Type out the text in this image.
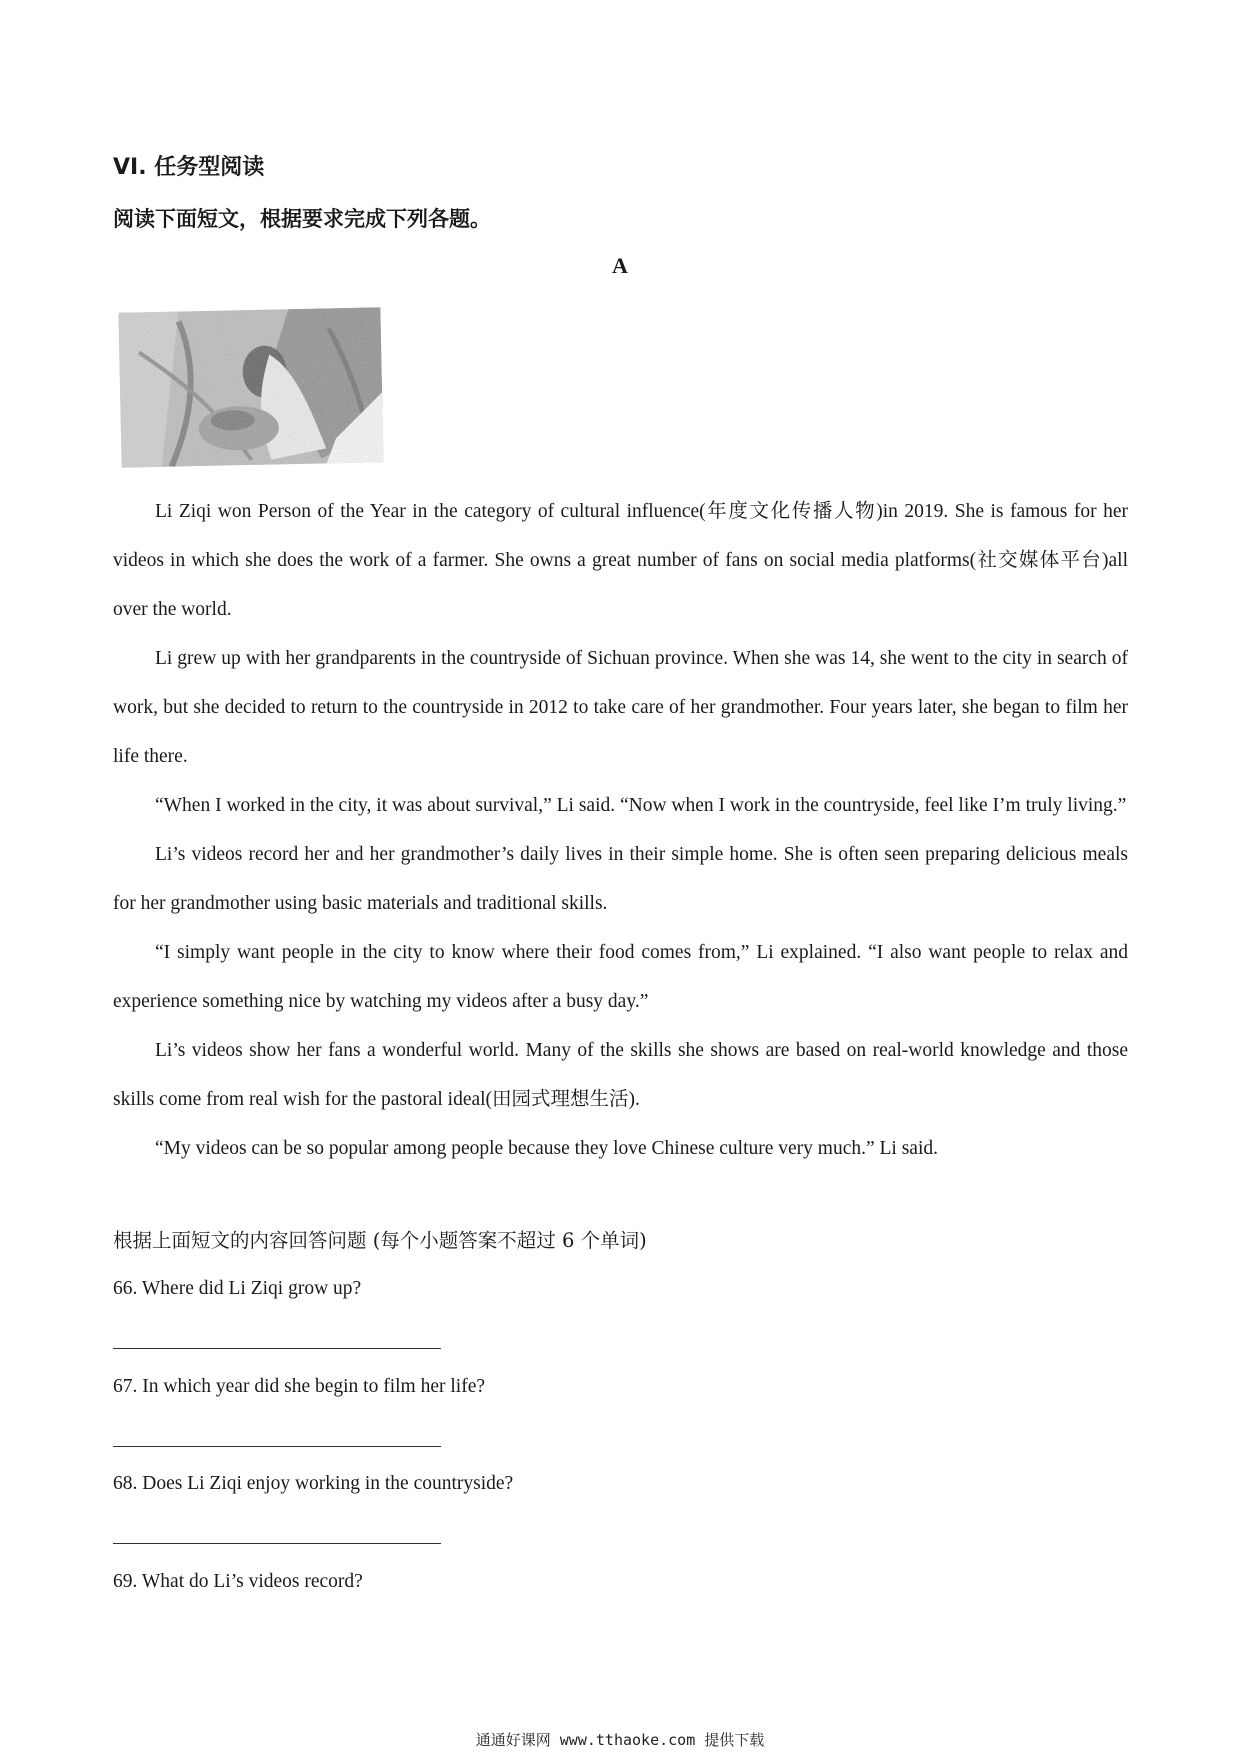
VI. 任务型阅读
阅读下面短文，根据要求完成下列各题。
A

Li Ziqi won Person of the Year in the category of cultural influence(年度文化传播人物)in 2019. She is famous for her videos in which she does the work of a farmer. She owns a great number of fans on social media platforms(社交媒体平台)all over the world.

Li grew up with her grandparents in the countryside of Sichuan province. When she was 14, she went to the city in search of work, but she decided to return to the countryside in 2012 to take care of her grandmother. Four years later, she began to film her life there.

“When I worked in the city, it was about survival,” Li said. “Now when I work in the countryside, feel like I’m truly living.”

Li’s videos record her and her grandmother’s daily lives in their simple home. She is often seen preparing delicious meals for her grandmother using basic materials and traditional skills.

“I simply want people in the city to know where their food comes from,” Li explained. “I also want people to relax and experience something nice by watching my videos after a busy day.”

Li’s videos show her fans a wonderful world. Many of the skills she shows are based on real-world knowledge and those skills come from real wish for the pastoral ideal(田园式理想生活).

“My videos can be so popular among people because they love Chinese culture very much.” Li said.

根据上面短文的内容回答问题 (每个小题答案不超过 6 个单词)
66. Where did Li Ziqi grow up?
67. In which year did she begin to film her life?
68. Does Li Ziqi enjoy working in the countryside?
69. What do Li’s videos record?
通通好课网 www.tthaoke.com 提供下载
